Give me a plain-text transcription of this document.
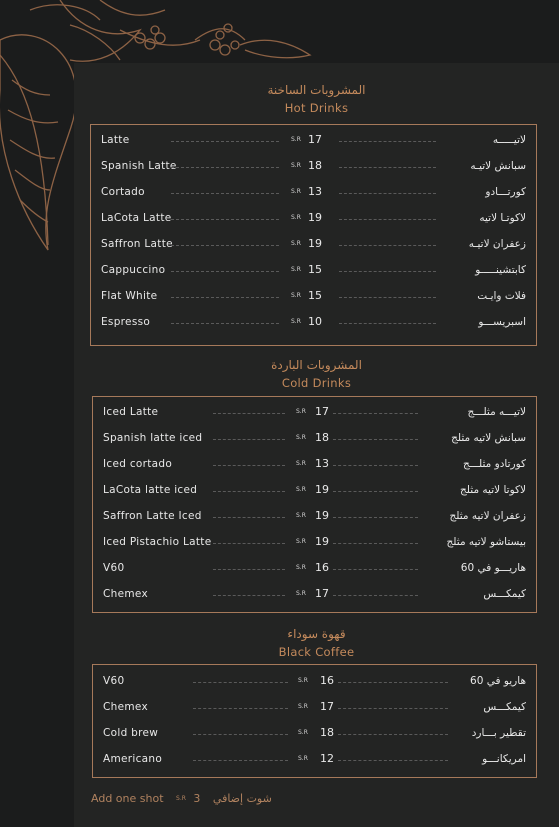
المشروبات الساخنة
Hot Drinks
Latte	S.R 17	لاتيـــــه
Spanish Latte	S.R 18	سبانش لاتيـه
Cortado	S.R 13	كورتـــادو
LaCota Latte	S.R 19	لاكوتـا لاتيه
Saffron Latte	S.R 19	زعفران لاتيـه
Cappuccino	S.R 15	كابتشينـــــو
Flat White	S.R 15	فلات وايـت
Espresso	S.R 10	اسبريســـو
المشروبات الباردة
Cold Drinks
Iced Latte	S.R 17	لاتيـــه مثلـــج
Spanish latte iced	S.R 18	سبانش لاتيه مثلج
Iced cortado	S.R 13	كورتادو مثلـــج
LaCota latte iced	S.R 19	لاكوتا لاتيه مثلج
Saffron Latte Iced	S.R 19	زعفران لاتيه مثلج
Iced Pistachio Latte	S.R 19	بيستاشو لاتيه مثلج
V60	S.R 16	هاريـــو في 60
Chemex	S.R 17	كيمكـــس
قهوة سوداء
Black Coffee
V60	S.R 16	هاريو في 60
Chemex	S.R 17	كيمكـــس
Cold brew	S.R 18	تقطير بـــارد
Americano	S.R 12	امريكانـــو
Add one shot S.R 3 شوت إضافي
